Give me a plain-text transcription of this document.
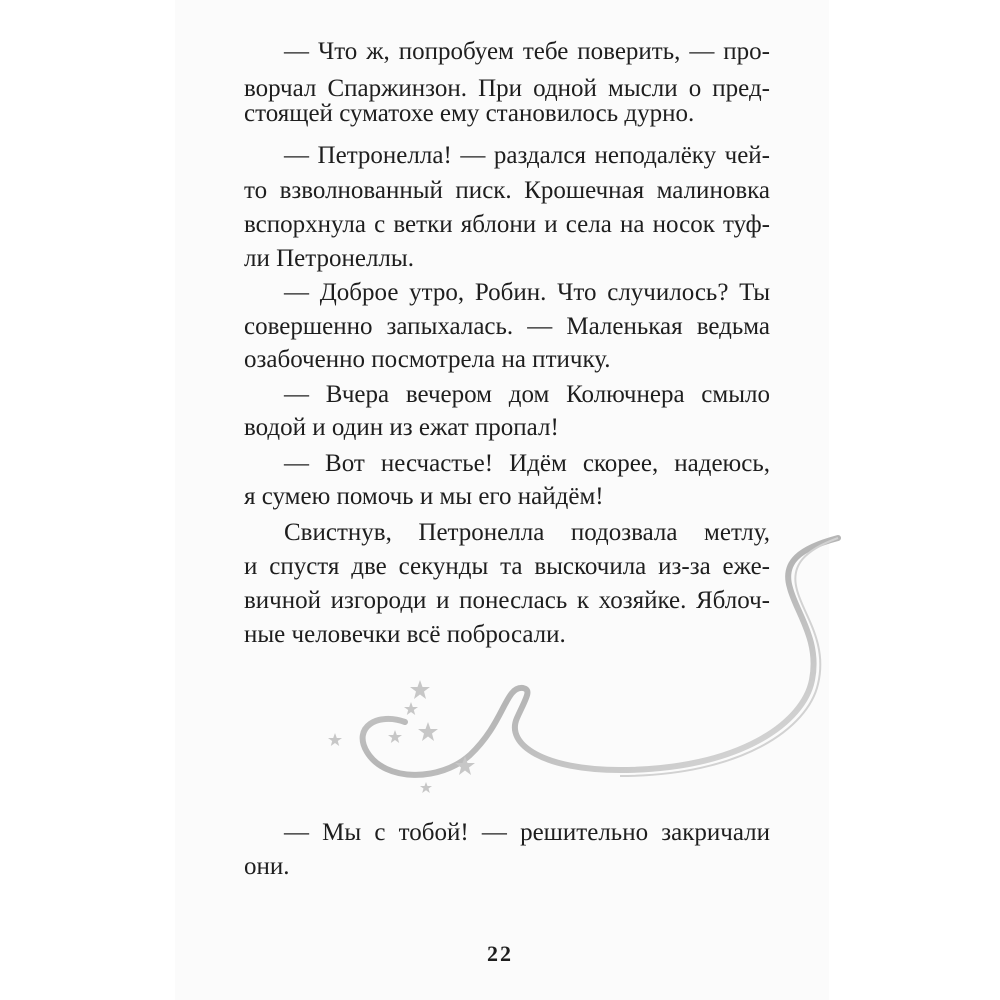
— Что ж, попробуем тебе поверить, — про-
ворчал Спаржинзон. При одной мысли о пред-
стоящей суматохе ему становилось дурно.
— Петронелла! — раздался неподалёку чей-
то взволнованный писк. Крошечная малиновка
вспорхнула с ветки яблони и села на носок туф-
ли Петронеллы.
— Доброе утро, Робин. Что случилось? Ты
совершенно запыхалась. — Маленькая ведьма
озабоченно посмотрела на птичку.
— Вчера вечером дом Колючнера смыло
водой и один из ежат пропал!
— Вот несчастье! Идём скорее, надеюсь,
я сумею помочь и мы его найдём!
Свистнув, Петронелла подозвала метлу,
и спустя две секунды та выскочила из-за еже-
вичной изгороди и понеслась к хозяйке. Яблоч-
ные человечки всё побросали.
— Мы с тобой! — решительно закричали
они.
22
